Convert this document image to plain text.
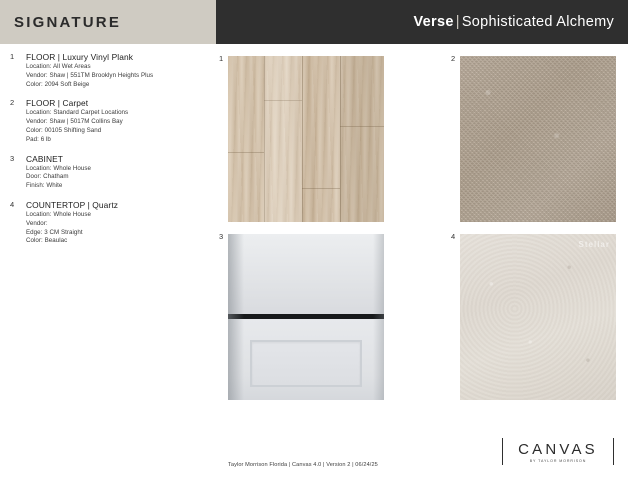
SIGNATURE	Verse | Sophisticated Alchemy
1 FLOOR | Luxury Vinyl Plank
Location: All Wet Areas
Vendor: Shaw | 551TM Brooklyn Heights Plus
Color: 2094 Soft Beige
2 FLOOR | Carpet
Location: Standard Carpet Locations
Vendor: Shaw | 5017M Collins Bay
Color: 00105 Shifting Sand
Pad: 6 lb
3 CABINET
Location: Whole House
Door: Chatham
Finish: White
4 COUNTERTOP | Quartz
Location: Whole House
Vendor:
Edge: 3 CM Straight
Color: Beaulac
1	2
3	4
Stellar
Taylor Morrison Florida | Canvas 4.0 | Version 2 | 06/24/25
CANVAS
BY TAYLOR MORRISON
